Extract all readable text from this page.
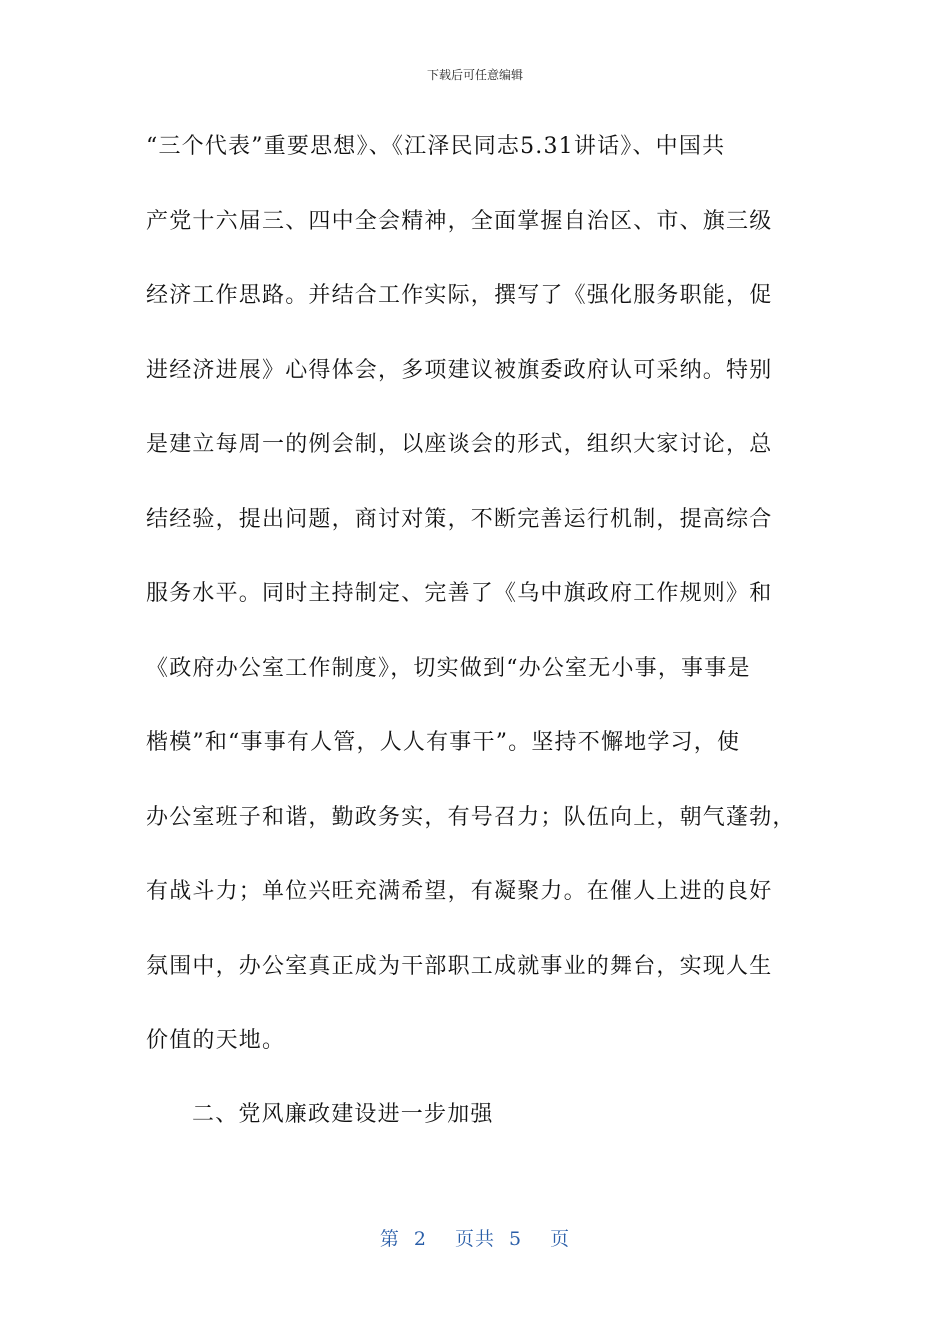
下载后可任意编辑
“三个代表”重要思想》、《江泽民同志5.31讲话》、中国共
产党十六届三、四中全会精神，全面掌握自治区、市、旗三级
经济工作思路。并结合工作实际，撰写了《强化服务职能，促
进经济进展》心得体会，多项建议被旗委政府认可采纳。特别
是建立每周一的例会制，以座谈会的形式，组织大家讨论，总
结经验，提出问题，商讨对策，不断完善运行机制，提高综合
服务水平。同时主持制定、完善了《乌中旗政府工作规则》和
《政府办公室工作制度》，切实做到“办公室无小事，事事是
楷模”和“事事有人管，人人有事干”。坚持不懈地学习，使
办公室班子和谐，勤政务实，有号召力；队伍向上，朝气蓬勃，
有战斗力；单位兴旺充满希望，有凝聚力。在催人上进的良好
氛围中，办公室真正成为干部职工成就事业的舞台，实现人生
价值的天地。
二、党风廉政建设进一步加强
第 2 页共 5 页
